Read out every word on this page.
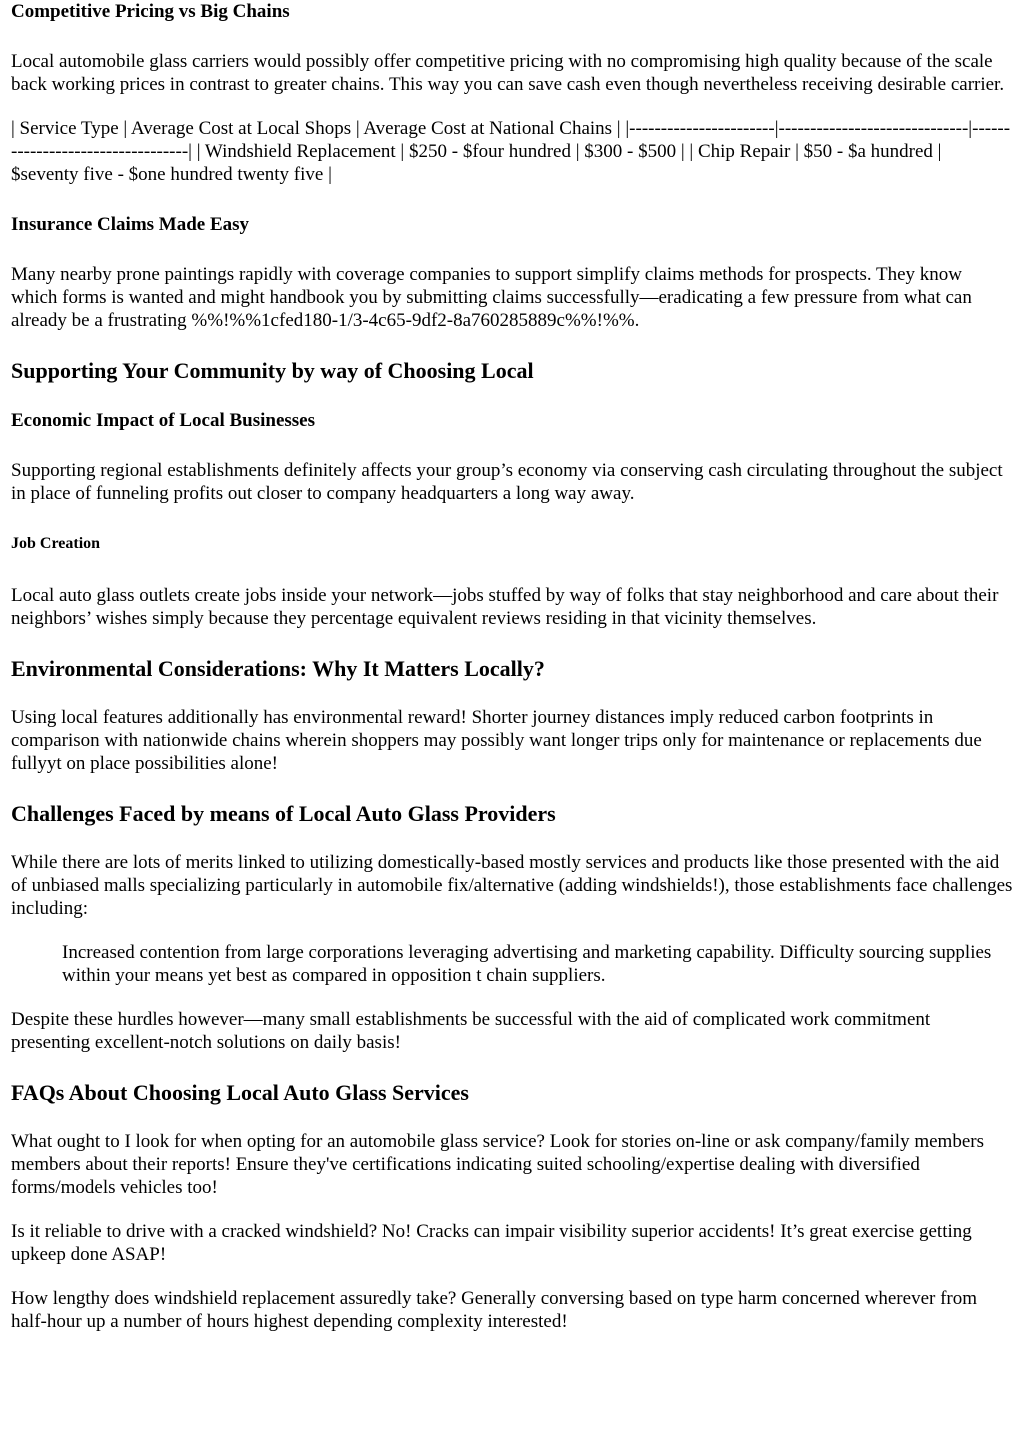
Competitive Pricing vs Big Chains

Local automobile glass carriers would possibly offer competitive pricing with no compromising high quality because of the scale back working prices in contrast to greater chains. This way you can save cash even though nevertheless receiving desirable carrier.

| Service Type | Average Cost at Local Shops | Average Cost at National Chains | |-----------------------|------------------------------|----------------------------------| | Windshield Replacement | $250 - $four hundred | $300 - $500 | | Chip Repair | $50 - $a hundred | $seventy five - $one hundred twenty five |

Insurance Claims Made Easy

Many nearby prone paintings rapidly with coverage companies to support simplify claims methods for prospects. They know which forms is wanted and might handbook you by submitting claims successfully—eradicating a few pressure from what can already be a frustrating %%!%%1cfed180-1/3-4c65-9df2-8a760285889c%%!%%.

Supporting Your Community by way of Choosing Local
Economic Impact of Local Businesses

Supporting regional establishments definitely affects your group’s economy via conserving cash circulating throughout the subject in place of funneling profits out closer to company headquarters a long way away.

Job Creation

Local auto glass outlets create jobs inside your network—jobs stuffed by way of folks that stay neighborhood and care about their neighbors’ wishes simply because they percentage equivalent reviews residing in that vicinity themselves.

Environmental Considerations: Why It Matters Locally?

Using local features additionally has environmental reward! Shorter journey distances imply reduced carbon footprints in comparison with nationwide chains wherein shoppers may possibly want longer trips only for maintenance or replacements due fullyyt on place possibilities alone!

Challenges Faced by means of Local Auto Glass Providers

While there are lots of merits linked to utilizing domestically-based mostly services and products like those presented with the aid of unbiased malls specializing particularly in automobile fix/alternative (adding windshields!), those establishments face challenges including:

Increased contention from large corporations leveraging advertising and marketing capability. Difficulty sourcing supplies within your means yet best as compared in opposition t chain suppliers.

Despite these hurdles however—many small establishments be successful with the aid of complicated work commitment presenting excellent-notch solutions on daily basis!

FAQs About Choosing Local Auto Glass Services

What ought to I look for when opting for an automobile glass service? Look for stories on-line or ask company/family members members about their reports! Ensure they've certifications indicating suited schooling/expertise dealing with diversified forms/models vehicles too!

Is it reliable to drive with a cracked windshield? No! Cracks can impair visibility superior accidents! It’s great exercise getting upkeep done ASAP!

How lengthy does windshield replacement assuredly take? Generally conversing based on type harm concerned wherever from half-hour up a number of hours highest depending complexity interested!
